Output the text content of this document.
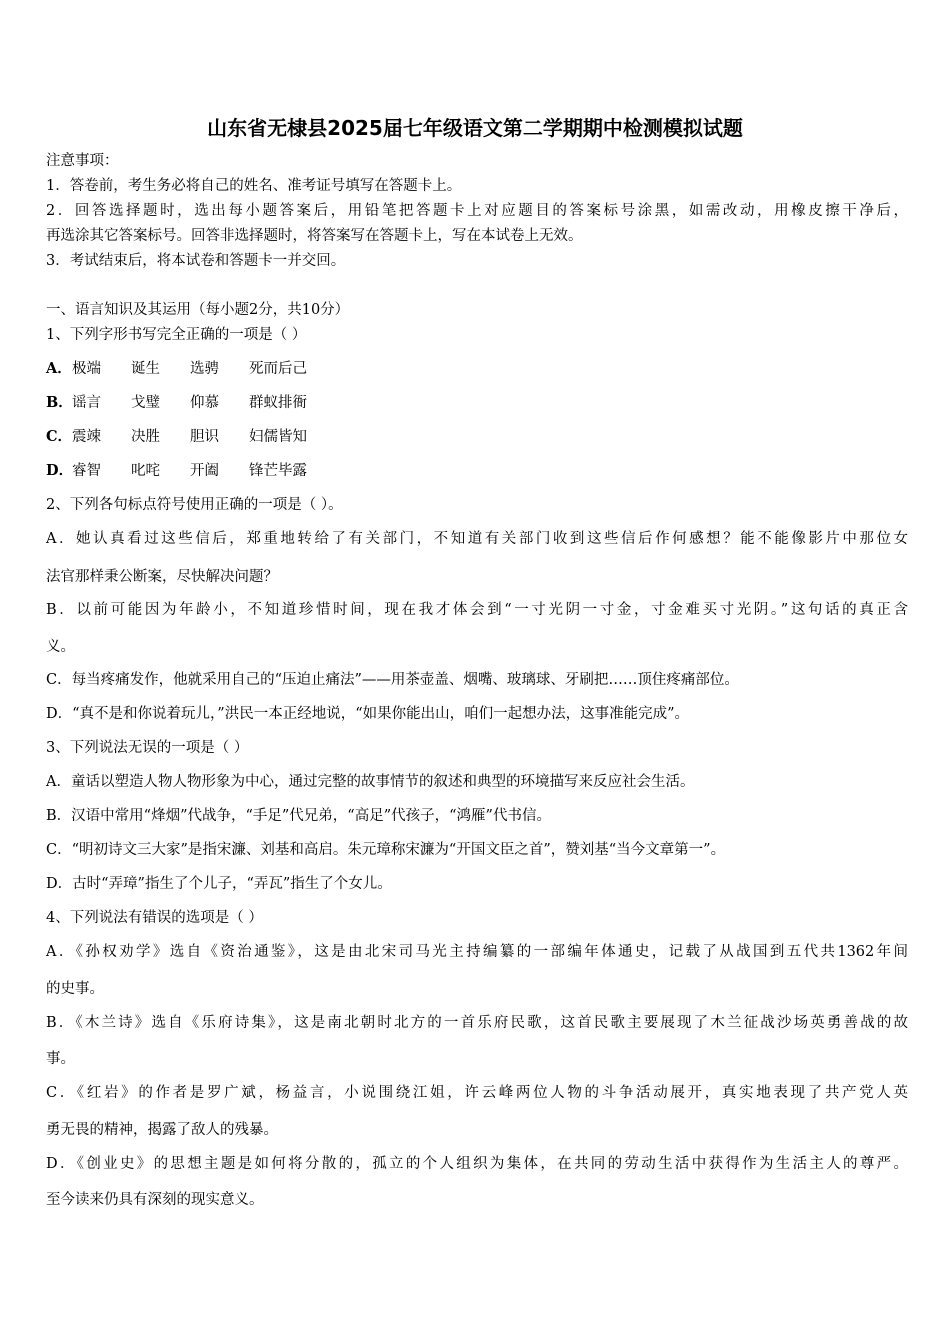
山东省无棣县2025届七年级语文第二学期期中检测模拟试题
注意事项：
1．答卷前，考生务必将自己的姓名、准考证号填写在答题卡上。
2．回答选择题时，选出每小题答案后，用铅笔把答题卡上对应题目的答案标号涂黑，如需改动，用橡皮擦干净后，
再选涂其它答案标号。回答非选择题时，将答案写在答题卡上，写在本试卷上无效。
3．考试结束后，将本试卷和答题卡一并交回。
一、语言知识及其运用（每小题2分，共10分）
1、下列字形书写完全正确的一项是（ ）
A．极端 诞生 选骋 死而后己
B．谣言 戈璧 仰慕 群蚁排衙
C．震竦 决胜 胆识 妇儒皆知
D．睿智 叱咤 开阖 锋芒毕露
2、下列各句标点符号使用正确的一项是（ ）。
A．她认真看过这些信后，郑重地转给了有关部门，不知道有关部门收到这些信后作何感想？能不能像影片中那位女
法官那样秉公断案，尽快解决问题？
B．以前可能因为年龄小，不知道珍惜时间，现在我才体会到“一寸光阴一寸金，寸金难买寸光阴。”这句话的真正含
义。
C．每当疼痛发作，他就采用自己的“压迫止痛法”——用茶壶盖、烟嘴、玻璃球、牙刷把……顶住疼痛部位。
D．“真不是和你说着玩儿，”洪民一本正经地说，“如果你能出山，咱们一起想办法，这事准能完成”。
3、下列说法无误的一项是（ ）
A．童话以塑造人物人物形象为中心，通过完整的故事情节的叙述和典型的环境描写来反应社会生活。
B．汉语中常用“烽烟”代战争，“手足”代兄弟，“高足”代孩子，“鸿雁”代书信。
C．“明初诗文三大家”是指宋濂、刘基和高启。朱元璋称宋濂为“开国文臣之首”，赞刘基“当今文章第一”。
D．古时“弄璋”指生了个儿子，“弄瓦”指生了个女儿。
4、下列说法有错误的选项是（ ）
A．《孙权劝学》选自《资治通鉴》，这是由北宋司马光主持编纂的一部编年体通史，记载了从战国到五代共1362年间
的史事。
B．《木兰诗》选自《乐府诗集》，这是南北朝时北方的一首乐府民歌，这首民歌主要展现了木兰征战沙场英勇善战的故
事。
C．《红岩》的作者是罗广斌，杨益言，小说围绕江姐，许云峰两位人物的斗争活动展开，真实地表现了共产党人英
勇无畏的精神，揭露了敌人的残暴。
D．《创业史》的思想主题是如何将分散的，孤立的个人组织为集体，在共同的劳动生活中获得作为生活主人的尊严。
至今读来仍具有深刻的现实意义。
